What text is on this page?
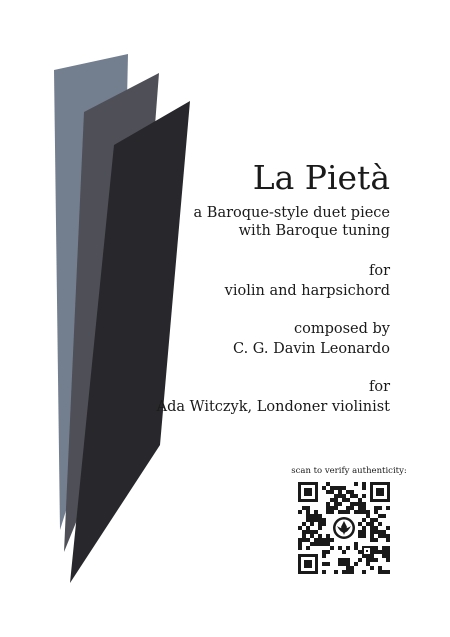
La Pietà
a Baroque-style duet piece
with Baroque tuning
for
violin and harpsichord
composed by
C. G. Davin Leonardo
for
Ada Witczyk, Londoner violinist
scan to verify authenticity:
